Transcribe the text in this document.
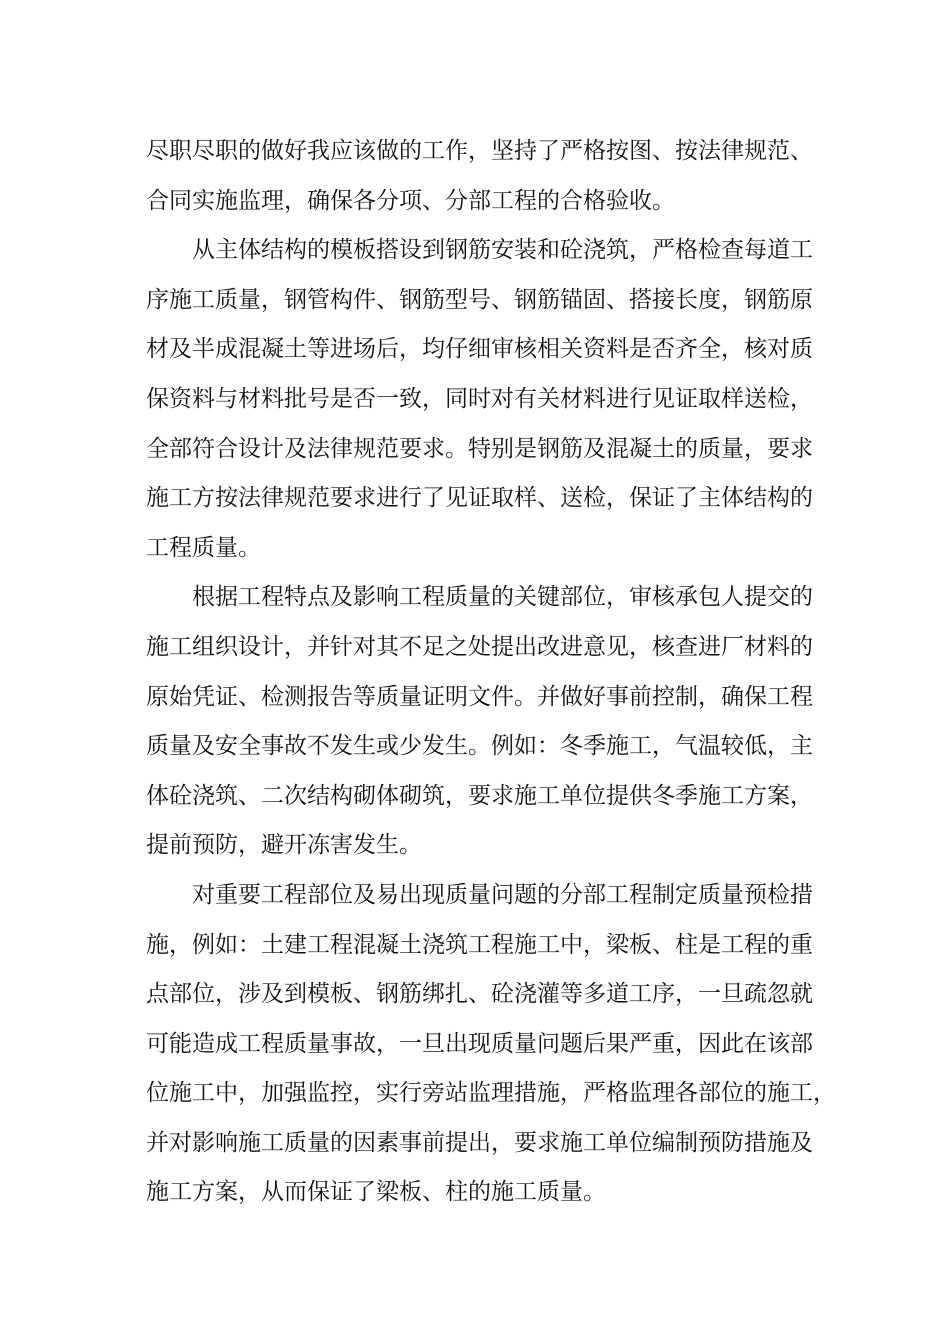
尽职尽职的做好我应该做的工作，坚持了严格按图、按法律规范、
合同实施监理，确保各分项、分部工程的合格验收。
从主体结构的模板搭设到钢筋安装和砼浇筑，严格检查每道工
序施工质量，钢管构件、钢筋型号、钢筋锚固、搭接长度，钢筋原
材及半成混凝土等进场后，均仔细审核相关资料是否齐全，核对质
保资料与材料批号是否一致，同时对有关材料进行见证取样送检，
全部符合设计及法律规范要求。特别是钢筋及混凝土的质量，要求
施工方按法律规范要求进行了见证取样、送检，保证了主体结构的
工程质量。
根据工程特点及影响工程质量的关键部位，审核承包人提交的
施工组织设计，并针对其不足之处提出改进意见，核查进厂材料的
原始凭证、检测报告等质量证明文件。并做好事前控制，确保工程
质量及安全事故不发生或少发生。例如：冬季施工，气温较低，主
体砼浇筑、二次结构砌体砌筑，要求施工单位提供冬季施工方案，
提前预防，避开冻害发生。
对重要工程部位及易出现质量问题的分部工程制定质量预检措
施，例如：土建工程混凝土浇筑工程施工中，梁板、柱是工程的重
点部位，涉及到模板、钢筋绑扎、砼浇灌等多道工序，一旦疏忽就
可能造成工程质量事故，一旦出现质量问题后果严重，因此在该部
位施工中，加强监控，实行旁站监理措施，严格监理各部位的施工，
并对影响施工质量的因素事前提出，要求施工单位编制预防措施及
施工方案，从而保证了梁板、柱的施工质量。
